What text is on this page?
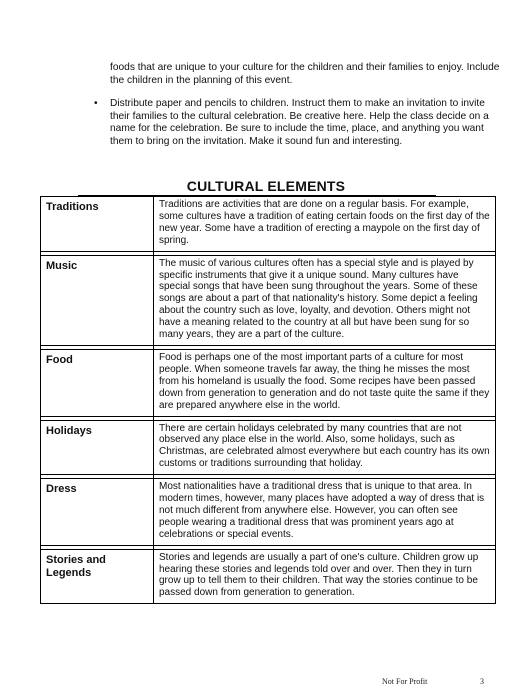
foods that are unique to your culture for the children and their families to enjoy. Include the children in the planning of this event.

•	Distribute paper and pencils to children. Instruct them to make an invitation to invite their families to the cultural celebration. Be creative here. Help the class decide on a name for the celebration. Be sure to include the time, place, and anything you want them to bring on the invitation. Make it sound fun and interesting.

CULTURAL ELEMENTS
Traditions	Traditions are activities that are done on a regular basis. For example, some cultures have a tradition of eating certain foods on the first day of the new year. Some have a tradition of erecting a maypole on the first day of spring.

Music	The music of various cultures often has a special style and is played by specific instruments that give it a unique sound. Many cultures have special songs that have been sung throughout the years. Some of these songs are about a part of that nationality's history. Some depict a feeling about the country such as love, loyalty, and devotion. Others might not have a meaning related to the country at all but have been sung for so many years, they are a part of the culture.

Food	Food is perhaps one of the most important parts of a culture for most people. When someone travels far away, the thing he misses the most from his homeland is usually the food. Some recipes have been passed down from generation to generation and do not taste quite the same if they are prepared anywhere else in the world.

Holidays	There are certain holidays celebrated by many countries that are not observed any place else in the world. Also, some holidays, such as Christmas, are celebrated almost everywhere but each country has its own customs or traditions surrounding that holiday.

Dress	Most nationalities have a traditional dress that is unique to that area. In modern times, however, many places have adopted a way of dress that is not much different from anywhere else. However, you can often see people wearing a traditional dress that was prominent years ago at celebrations or special events.

Stories and Legends	Stories and legends are usually a part of one's culture. Children grow up hearing these stories and legends told over and over. Then they in turn grow up to tell them to their children. That way the stories continue to be passed down from generation to generation.
Not For Profit	3
